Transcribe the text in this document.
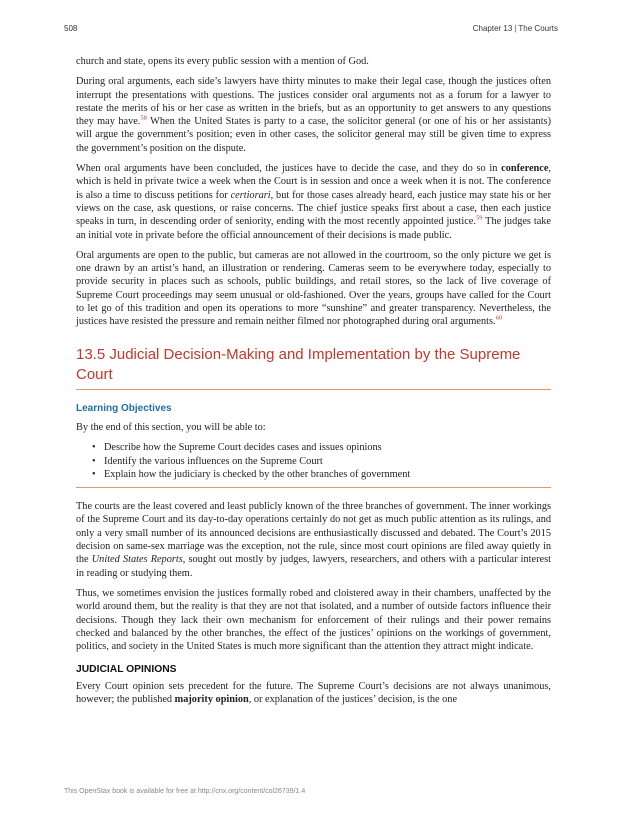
508	Chapter 13 | The Courts

church and state, opens its every public session with a mention of God.

During oral arguments, each side’s lawyers have thirty minutes to make their legal case, though the justices often interrupt the presentations with questions. The justices consider oral arguments not as a forum for a lawyer to restate the merits of his or her case as written in the briefs, but as an opportunity to get answers to any questions they may have.$^{58}$ When the United States is party to a case, the solicitor general (or one of his or her assistants) will argue the government’s position; even in other cases, the solicitor general may still be given time to express the government’s position on the dispute.

When oral arguments have been concluded, the justices have to decide the case, and they do so in conference, which is held in private twice a week when the Court is in session and once a week when it is not. The conference is also a time to discuss petitions for certiorari, but for those cases already heard, each justice may state his or her views on the case, ask questions, or raise concerns. The chief justice speaks first about a case, then each justice speaks in turn, in descending order of seniority, ending with the most recently appointed justice.$^{59}$ The judges take an initial vote in private before the official announcement of their decisions is made public.

Oral arguments are open to the public, but cameras are not allowed in the courtroom, so the only picture we get is one drawn by an artist’s hand, an illustration or rendering. Cameras seem to be everywhere today, especially to provide security in places such as schools, public buildings, and retail stores, so the lack of live coverage of Supreme Court proceedings may seem unusual or old-fashioned. Over the years, groups have called for the Court to let go of this tradition and open its operations to more “sunshine” and greater transparency. Nevertheless, the justices have resisted the pressure and remain neither filmed nor photographed during oral arguments.$^{60}$

13.5 Judicial Decision-Making and Implementation by the Supreme Court
Learning Objectives

By the end of this section, you will be able to:

• Describe how the Supreme Court decides cases and issues opinions
• Identify the various influences on the Supreme Court
• Explain how the judiciary is checked by the other branches of government

The courts are the least covered and least publicly known of the three branches of government. The inner workings of the Supreme Court and its day-to-day operations certainly do not get as much public attention as its rulings, and only a very small number of its announced decisions are enthusiastically discussed and debated. The Court’s 2015 decision on same-sex marriage was the exception, not the rule, since most court opinions are filed away quietly in the United States Reports, sought out mostly by judges, lawyers, researchers, and others with a particular interest in reading or studying them.

Thus, we sometimes envision the justices formally robed and cloistered away in their chambers, unaffected by the world around them, but the reality is that they are not that isolated, and a number of outside factors influence their decisions. Though they lack their own mechanism for enforcement of their rulings and their power remains checked and balanced by the other branches, the effect of the justices’ opinions on the workings of government, politics, and society in the United States is much more significant than the attention they attract might indicate.

JUDICIAL OPINIONS

Every Court opinion sets precedent for the future. The Supreme Court’s decisions are not always unanimous, however; the published majority opinion, or explanation of the justices’ decision, is the one

This OpenStax book is available for free at http://cnx.org/content/col26739/1.4
